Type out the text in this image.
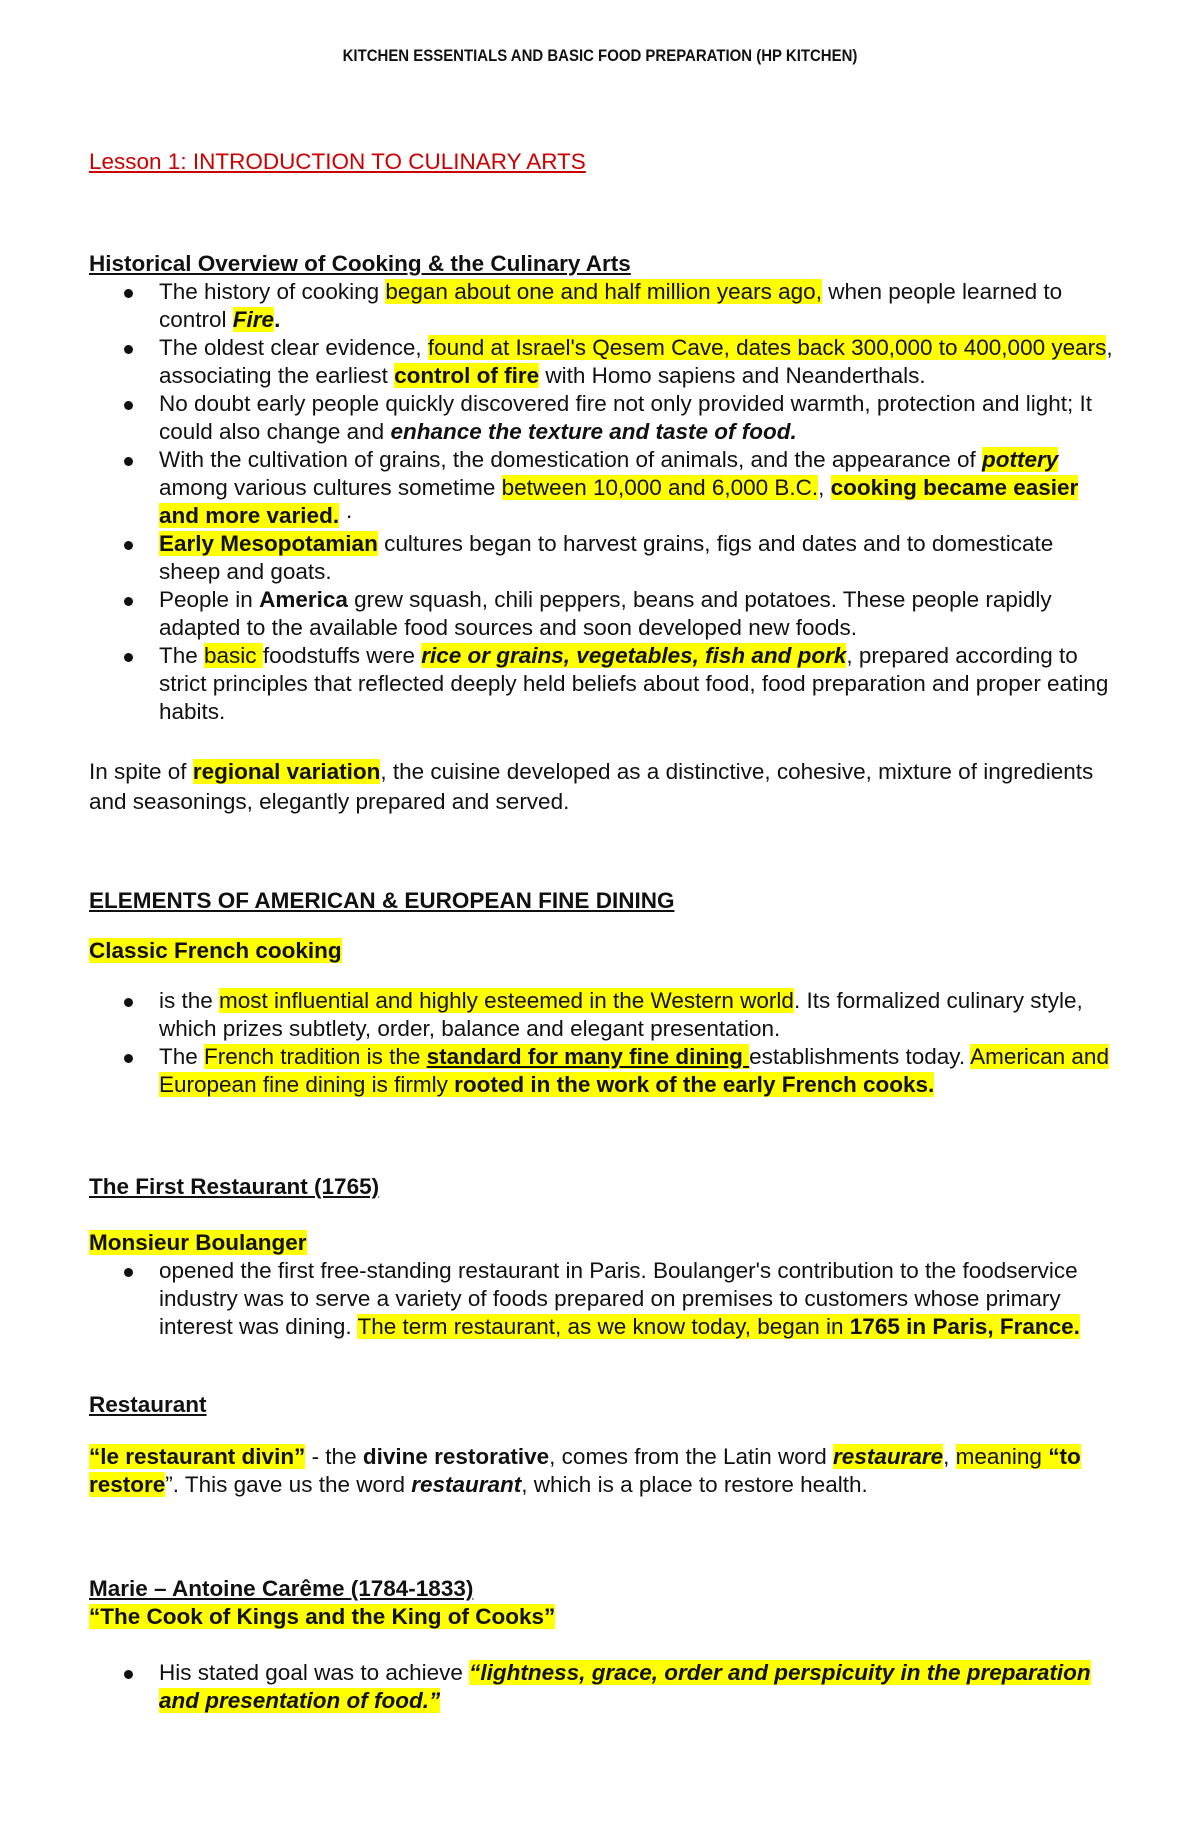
KITCHEN ESSENTIALS AND BASIC FOOD PREPARATION (HP KITCHEN)
Lesson 1: INTRODUCTION TO CULINARY ARTS

Historical Overview of Cooking & the Culinary Arts

The history of cooking began about one and half million years ago, when people learned to control Fire.
The oldest clear evidence, found at Israel's Qesem Cave, dates back 300,000 to 400,000 years, associating the earliest control of fire with Homo sapiens and Neanderthals.
No doubt early people quickly discovered fire not only provided warmth, protection and light; It could also change and enhance the texture and taste of food.
With the cultivation of grains, the domestication of animals, and the appearance of pottery among various cultures sometime between 10,000 and 6,000 B.C., cooking became easier and more varied. ·
Early Mesopotamian cultures began to harvest grains, figs and dates and to domesticate sheep and goats.
People in America grew squash, chili peppers, beans and potatoes. These people rapidly adapted to the available food sources and soon developed new foods.
The basic foodstuffs were rice or grains, vegetables, fish and pork, prepared according to strict principles that reflected deeply held beliefs about food, food preparation and proper eating habits.

In spite of regional variation, the cuisine developed as a distinctive, cohesive, mixture of ingredients and seasonings, elegantly prepared and served.

ELEMENTS OF AMERICAN & EUROPEAN FINE DINING
Classic French cooking
is the most influential and highly esteemed in the Western world. Its formalized culinary style, which prizes subtlety, order, balance and elegant presentation.
The French tradition is the standard for many fine dining establishments today. American and European fine dining is firmly rooted in the work of the early French cooks.
The First Restaurant (1765)

Monsieur Boulanger

opened the first free-standing restaurant in Paris. Boulanger's contribution to the foodservice industry was to serve a variety of foods prepared on premises to customers whose primary interest was dining. The term restaurant, as we know today, began in 1765 in Paris, France.
Restaurant

“le restaurant divin” - the divine restorative, comes from the Latin word restaurare, meaning “to restore”. This gave us the word restaurant, which is a place to restore health.

Marie – Antoine Carême (1784-1833)

“The Cook of Kings and the King of Cooks”

His stated goal was to achieve “lightness, grace, order and perspicuity in the preparation and presentation of food.”
